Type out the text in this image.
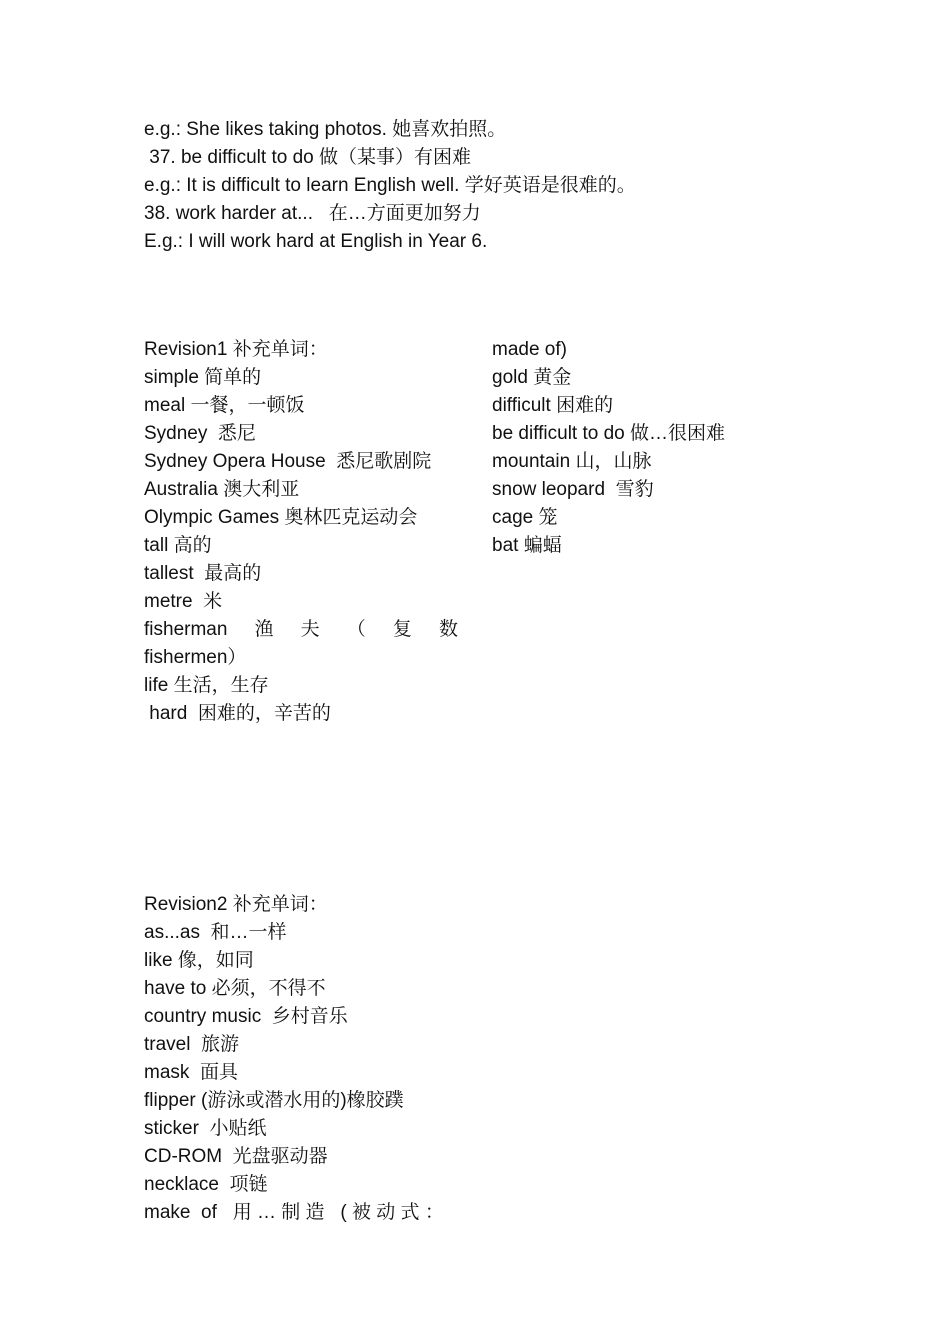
e.g.: She likes taking photos. 她喜欢拍照。
37. be difficult to do 做（某事）有困难
e.g.: It is difficult to learn English well. 学好英语是很难的。
38. work harder at...   在…方面更加努力
E.g.: I will work hard at English in Year 6.
Revision1 补充单词：
simple 简单的
meal 一餐，一顿饭
Sydney  悉尼
Sydney Opera House  悉尼歌剧院
Australia 澳大利亚
Olympic Games 奥林匹克运动会
tall 高的
tallest  最高的
metre  米
fisherman 渔 夫 （ 复 数
fishermen）
life 生活，生存
hard  困难的，辛苦的
made of)
gold 黄金
difficult 困难的
be difficult to do 做…很困难
mountain 山，山脉
snow leopard  雪豹
cage 笼
bat 蝙蝠
Revision2 补充单词：
as...as  和…一样
like 像，如同
have to 必须，不得不
country music  乡村音乐
travel  旅游
mask  面具
flipper (游泳或潜水用的)橡胶蹼
sticker  小贴纸
CD-ROM  光盘驱动器
necklace  项链
make  of   用 … 制 造   ( 被 动 式 ：
